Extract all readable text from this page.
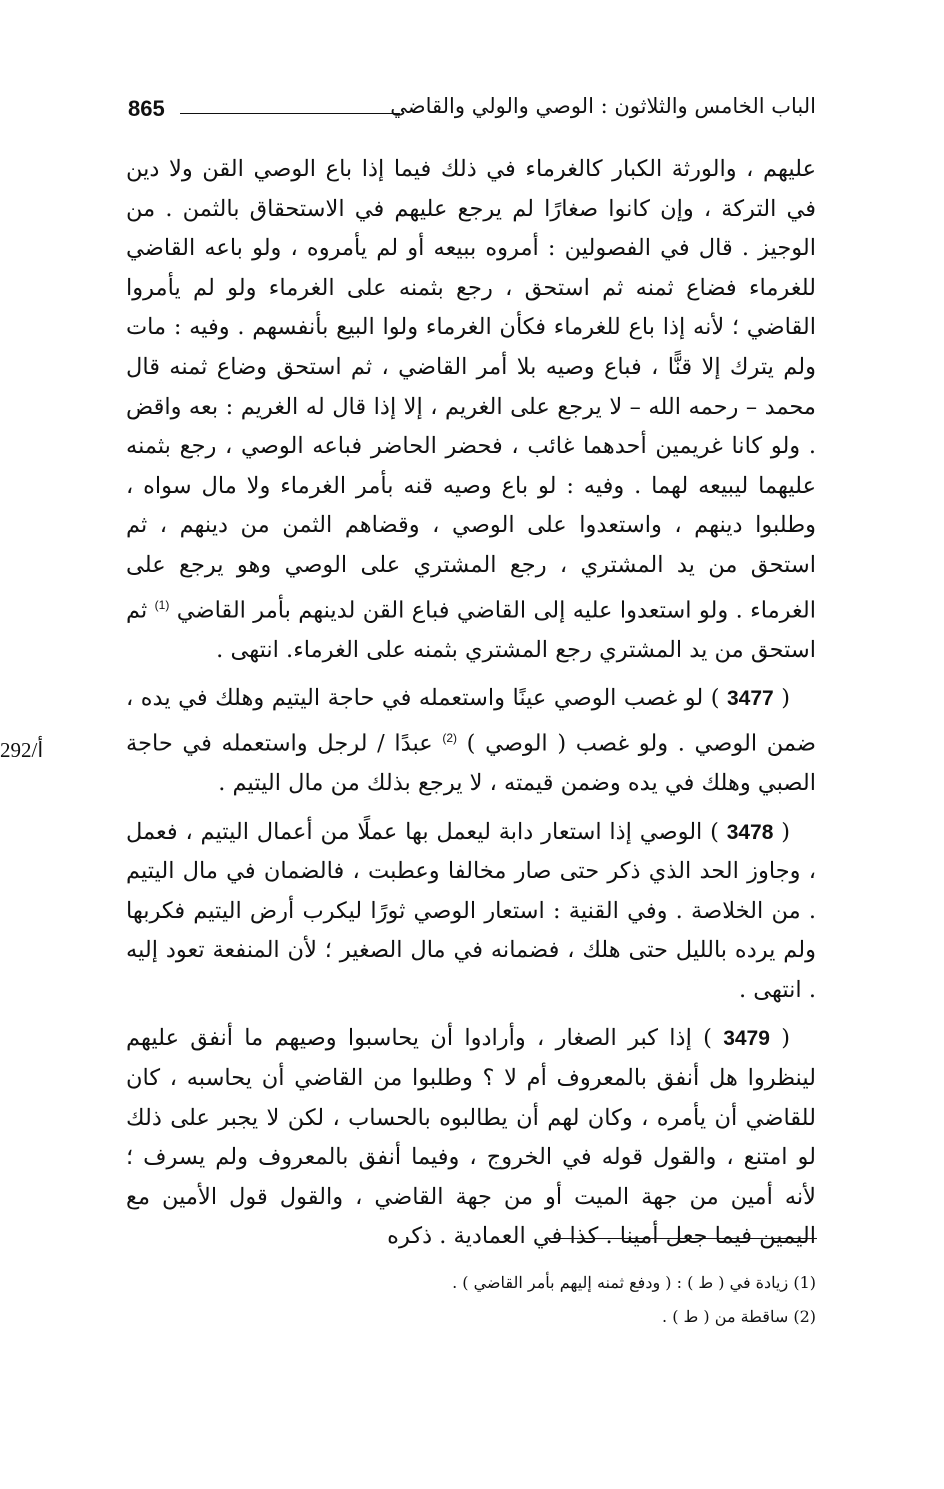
865	الباب الخامس والثلاثون : الوصي والولي والقاضي

عليهم ، والورثة الكبار كالغرماء في ذلك فيما إذا باع الوصي القن ولا دين في التركة ، وإن كانوا صغارًا لم يرجع عليهم في الاستحقاق بالثمن . من الوجيز . قال في الفصولين : أمروه ببيعه أو لم يأمروه ، ولو باعه القاضي للغرماء فضاع ثمنه ثم استحق ، رجع بثمنه على الغرماء ولو لم يأمروا القاضي ؛ لأنه إذا باع للغرماء فكأن الغرماء ولوا البيع بأنفسهم . وفيه : مات ولم يترك إلا قنًّا ، فباع وصيه بلا أمر القاضي ، ثم استحق وضاع ثمنه قال محمد – رحمه الله – لا يرجع على الغريم ، إلا إذا قال له الغريم : بعه واقض . ولو كانا غريمين أحدهما غائب ، فحضر الحاضر فباعه الوصي ، رجع بثمنه عليهما ليبيعه لهما . وفيه : لو باع وصيه قنه بأمر الغرماء ولا مال سواه ، وطلبوا دينهم ، واستعدوا على الوصي ، وقضاهم الثمن من دينهم ، ثم استحق من يد المشتري ، رجع المشتري على الوصي وهو يرجع على الغرماء . ولو استعدوا عليه إلى القاضي فباع القن لدينهم بأمر القاضي $^{(1)}$ ثم استحق من يد المشتري رجع المشتري بثمنه على الغرماء. انتهى .

( 3477 ) لو غصب الوصي عينًا واستعمله في حاجة اليتيم وهلك في يده ، ضمن الوصي . ولو غصب ( الوصي ) $^{(2)}$ عبدًا / لرجل واستعمله في حاجة الصبي وهلك في يده وضمن قيمته ، لا يرجع بذلك من مال اليتيم .

( 3478 ) الوصي إذا استعار دابة ليعمل بها عملًا من أعمال اليتيم ، فعمل ، وجاوز الحد الذي ذكر حتى صار مخالفا وعطبت ، فالضمان في مال اليتيم . من الخلاصة . وفي القنية : استعار الوصي ثورًا ليكرب أرض اليتيم فكربها ولم يرده بالليل حتى هلك ، فضمانه في مال الصغير ؛ لأن المنفعة تعود إليه . انتهى .

( 3479 ) إذا كبر الصغار ، وأرادوا أن يحاسبوا وصيهم ما أنفق عليهم لينظروا هل أنفق بالمعروف أم لا ؟ وطلبوا من القاضي أن يحاسبه ، كان للقاضي أن يأمره ، وكان لهم أن يطالبوه بالحساب ، لكن لا يجبر على ذلك لو امتنع ، والقول قوله في الخروج ، وفيما أنفق بالمعروف ولم يسرف ؛ لأنه أمين من جهة الميت أو من جهة القاضي ، والقول قول الأمين مع اليمين فيما جعل أمينا . كذا في العمادية . ذكره

292/أ
(1) زيادة في ( ط ) : ( ودفع ثمنه إليهم بأمر القاضي ) .
(2) ساقطة من ( ط ) .
